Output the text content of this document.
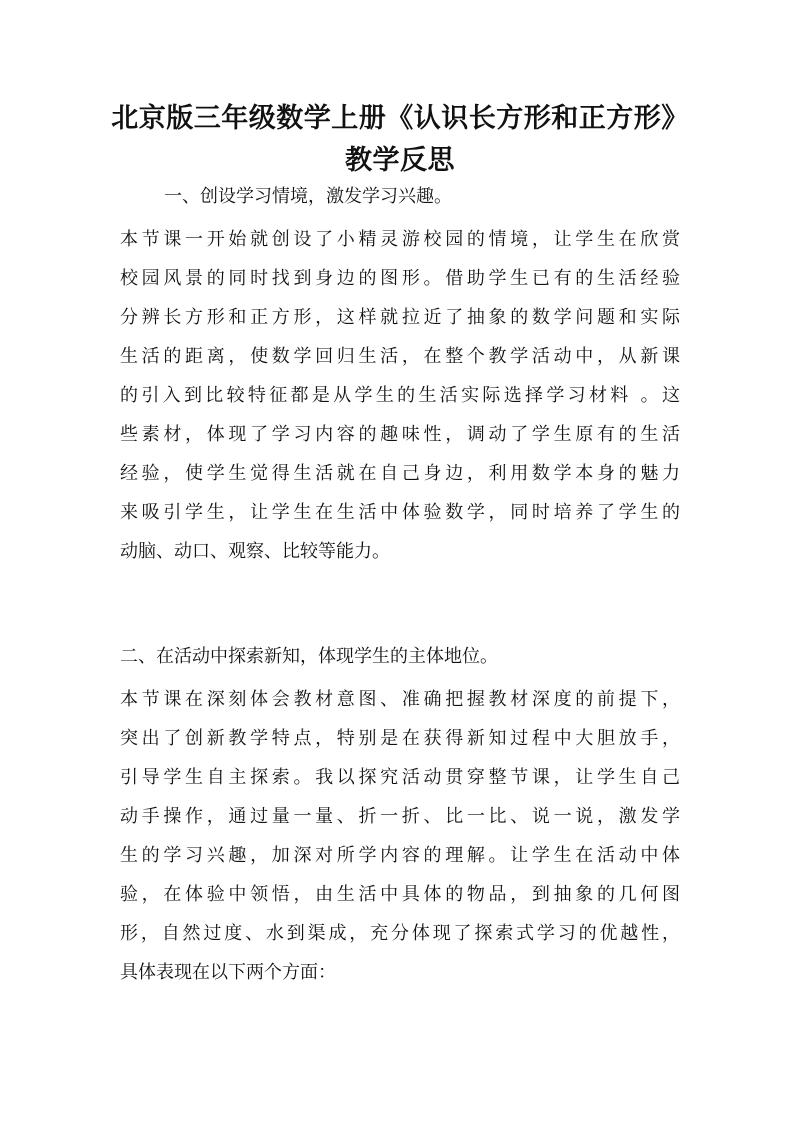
北京版三年级数学上册《认识长方形和正方形》
教学反思
一、创设学习情境，激发学习兴趣。
本节课一开始就创设了小精灵游校园的情境，让学生在欣赏
校园风景的同时找到身边的图形。借助学生已有的生活经验
分辨长方形和正方形，这样就拉近了抽象的数学问题和实际
生活的距离，使数学回归生活，在整个教学活动中，从新课
的引入到比较特征都是从学生的生活实际选择学习材料 。这
些素材，体现了学习内容的趣味性，调动了学生原有的生活
经验，使学生觉得生活就在自己身边，利用数学本身的魅力
来吸引学生，让学生在生活中体验数学，同时培养了学生的
动脑、动口、观察、比较等能力。
二、在活动中探索新知，体现学生的主体地位。
本节课在深刻体会教材意图、准确把握教材深度的前提下，
突出了创新教学特点，特别是在获得新知过程中大胆放手，
引导学生自主探索。我以探究活动贯穿整节课，让学生自己
动手操作，通过量一量、折一折、比一比、说一说，激发学
生的学习兴趣，加深对所学内容的理解。让学生在活动中体
验，在体验中领悟，由生活中具体的物品，到抽象的几何图
形，自然过度、水到渠成，充分体现了探索式学习的优越性，
具体表现在以下两个方面：
